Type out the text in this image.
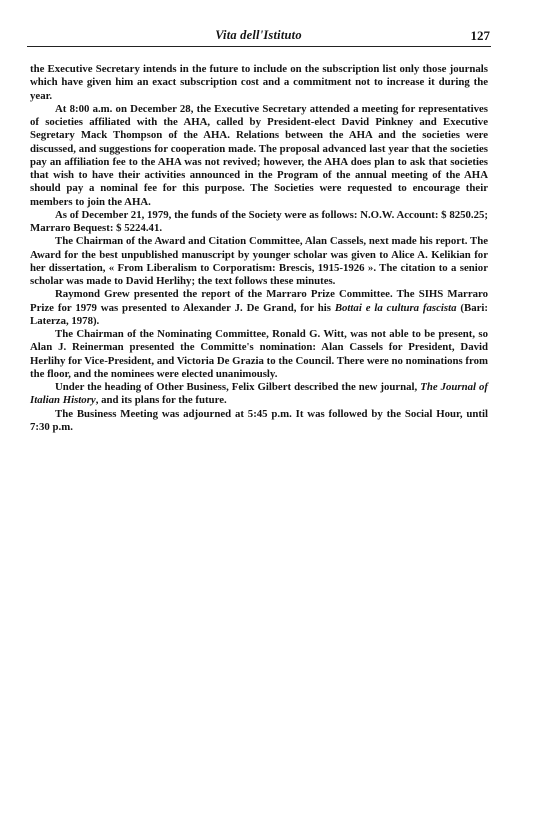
Vita dell'Istituto	127

the Executive Secretary intends in the future to include on the subscription list only those journals which have given him an exact subscription cost and a commitment not to increase it during the year.

At 8:00 a.m. on December 28, the Executive Secretary attended a meeting for representatives of societies affiliated with the AHA, called by President-elect David Pinkney and Executive Segretary Mack Thompson of the AHA. Relations between the AHA and the societies were discussed, and suggestions for cooperation made. The proposal advanced last year that the societies pay an affiliation fee to the AHA was not revived; however, the AHA does plan to ask that societies that wish to have their activities announced in the Program of the annual meeting of the AHA should pay a nominal fee for this purpose. The Societies were requested to encourage their members to join the AHA.

As of December 21, 1979, the funds of the Society were as follows: N.O.W. Account: $ 8250.25; Marraro Bequest: $ 5224.41.

The Chairman of the Award and Citation Committee, Alan Cassels, next made his report. The Award for the best unpublished manuscript by younger scholar was given to Alice A. Kelikian for her dissertation, « From Liberalism to Corporatism: Brescis, 1915-1926 ». The citation to a senior scholar was made to David Herlihy; the text follows these minutes.

Raymond Grew presented the report of the Marraro Prize Committee. The SIHS Marraro Prize for 1979 was presented to Alexander J. De Grand, for his Bottai e la cultura fascista (Bari: Laterza, 1978).

The Chairman of the Nominating Committee, Ronald G. Witt, was not able to be present, so Alan J. Reinerman presented the Committe's nomination: Alan Cassels for President, David Herlihy for Vice-President, and Victoria De Grazia to the Council. There were no nominations from the floor, and the nominees were elected unanimously.

Under the heading of Other Business, Felix Gilbert described the new journal, The Journal of Italian History, and its plans for the future.

The Business Meeting was adjourned at 5:45 p.m. It was followed by the Social Hour, until 7:30 p.m.
